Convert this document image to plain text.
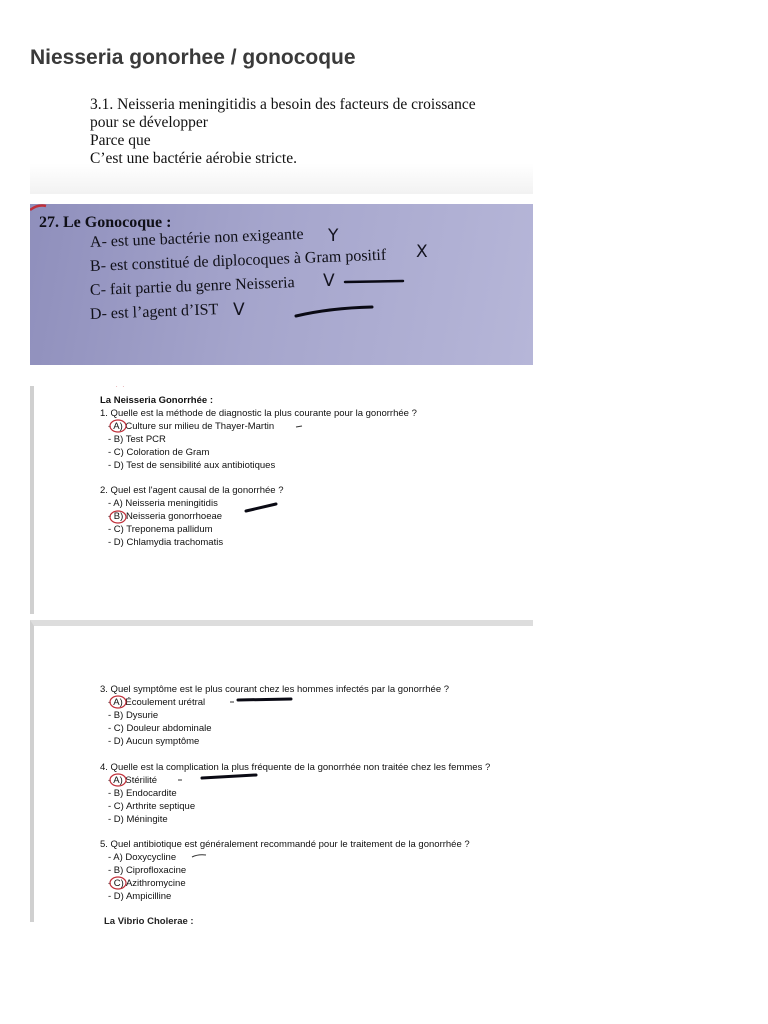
Niesseria gonorhee / gonocoque
3.1. Neisseria meningitidis a besoin des facteurs de croissance
pour se développer
Parce que
C’est une bactérie aérobie stricte.
27. Le Gonocoque :
A- est une bactérie non exigeante
B- est constitué de diplocoques à Gram positif
C- fait partie du genre Neisseria
D- est l’agent d’IST
Y
X
V
V
La Neisseria Gonorrhée :
1. Quelle est la méthode de diagnostic la plus courante pour la gonorrhée ?
- A) Culture sur milieu de Thayer-Martin
- B) Test PCR
- C) Coloration de Gram
- D) Test de sensibilité aux antibiotiques
2. Quel est l'agent causal de la gonorrhée ?
- A) Neisseria meningitidis
- B) Neisseria gonorrhoeae
- C) Treponema pallidum
- D) Chlamydia trachomatis
3. Quel symptôme est le plus courant chez les hommes infectés par la gonorrhée ?
- A) Écoulement urétral
- B) Dysurie
- C) Douleur abdominale
- D) Aucun symptôme
4. Quelle est la complication la plus fréquente de la gonorrhée non traitée chez les femmes ?
- A) Stérilité
- B) Endocardite
- C) Arthrite septique
- D) Méningite
5. Quel antibiotique est généralement recommandé pour le traitement de la gonorrhée ?
- A) Doxycycline
- B) Ciprofloxacine
- C) Azithromycine
- D) Ampicilline
La Vibrio Cholerae :
